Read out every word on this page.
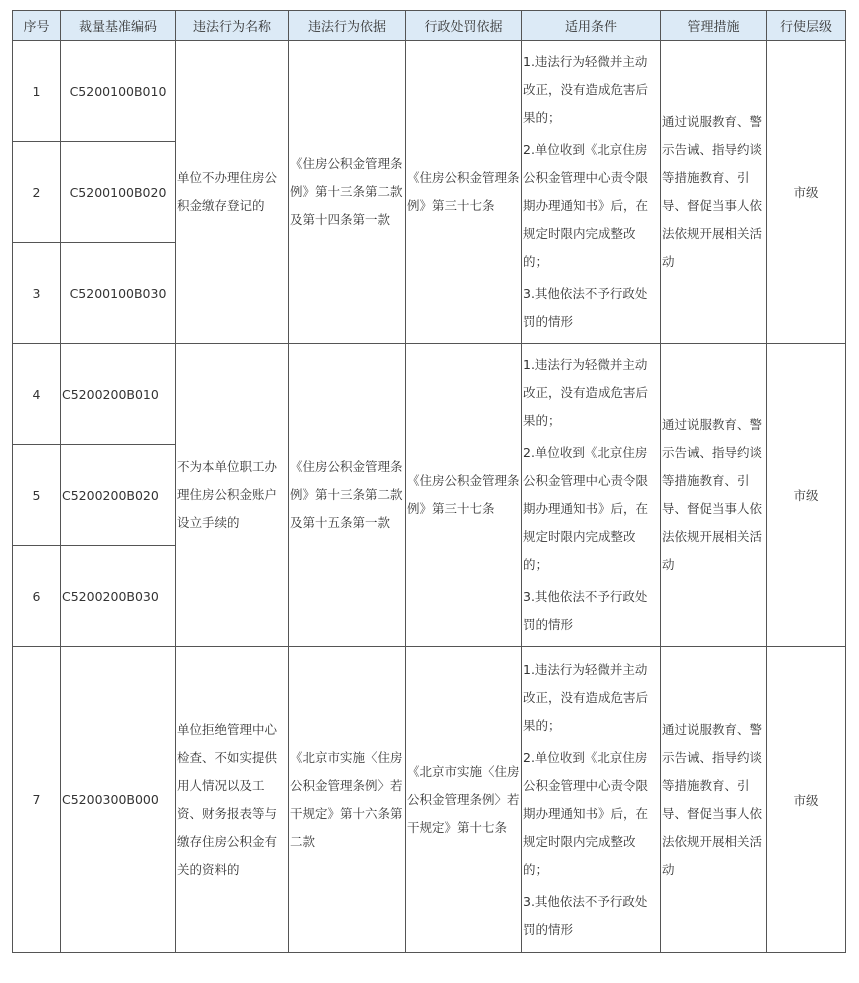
序号	裁量基准编码	违法行为名称	违法行为依据	行政处罚依据	适用条件	管理措施	行使层级
1	C5200100B010	单位不办理住房公积金缴存登记的	《住房公积金管理条例》第十三条第二款及第十四条第一款	《住房公积金管理条例》第三十七条	1.违法行为轻微并主动改正，没有造成危害后果的；

2.单位收到《北京住房公积金管理中心责令限期办理通知书》后，在规定时限内完成整改的；

3.其他依法不予行政处罚的情形	通过说服教育、警示告诫、指导约谈等措施教育、引导、督促当事人依法依规开展相关活动	市级
2	C5200100B020						
3	C5200100B030						
4	C5200200B010	不为本单位职工办理住房公积金账户设立手续的	《住房公积金管理条例》第十三条第二款及第十五条第一款	《住房公积金管理条例》第三十七条	1.违法行为轻微并主动改正，没有造成危害后果的；

2.单位收到《北京住房公积金管理中心责令限期办理通知书》后，在规定时限内完成整改的；

3.其他依法不予行政处罚的情形	通过说服教育、警示告诫、指导约谈等措施教育、引导、督促当事人依法依规开展相关活动	市级
5	C5200200B020						
6	C5200200B030						
7	C5200300B000	单位拒绝管理中心检查、不如实提供用人情况以及工资、财务报表等与缴存住房公积金有关的资料的	《北京市实施〈住房公积金管理条例〉若干规定》第十六条第二款	《北京市实施〈住房公积金管理条例〉若干规定》第十七条	1.违法行为轻微并主动改正，没有造成危害后果的；

2.单位收到《北京住房公积金管理中心责令限期办理通知书》后，在规定时限内完成整改的；

3.其他依法不予行政处罚的情形	通过说服教育、警示告诫、指导约谈等措施教育、引导、督促当事人依法依规开展相关活动	市级
